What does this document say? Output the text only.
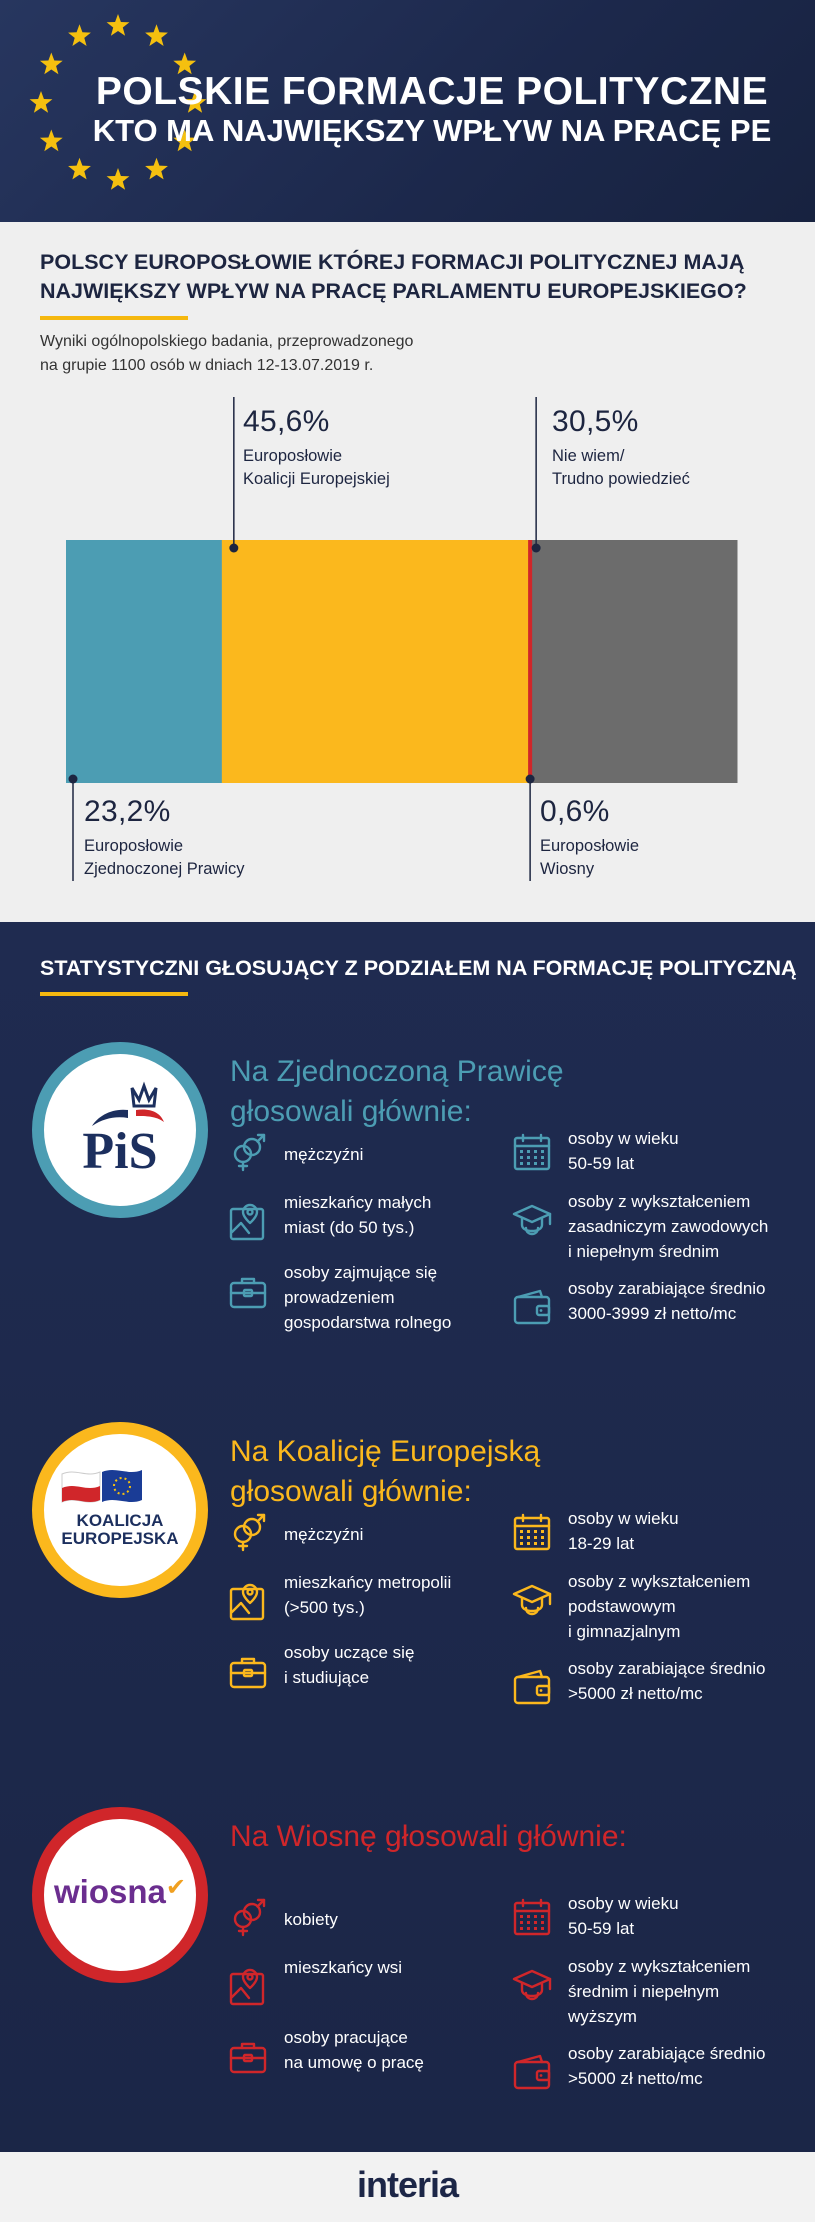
POLSKIE FORMACJE POLITYCZNE
KTO MA NAJWIĘKSZY WPŁYW NA PRACĘ PE
POLSCY EUROPOSŁOWIE KTÓREJ FORMACJI POLITYCZNEJ MAJĄ
NAJWIĘKSZY WPŁYW NA PRACĘ PARLAMENTU EUROPEJSKIEGO?
Wyniki ogólnopolskiego badania, przeprowadzonego
na grupie 1100 osób w dniach 12-13.07.2019 r.
45,6%
Europosłowie
Koalicji Europejskiej
30,5%
Nie wiem/
Trudno powiedzieć
23,2%
Europosłowie
Zjednoczonej Prawicy
0,6%
Europosłowie
Wiosny
STATYSTYCZNI GŁOSUJĄCY Z PODZIAŁEM NA FORMACJĘ POLITYCZNĄ
PiS
Na Zjednoczoną Prawicę
głosowali głównie:
mężczyźni
mieszkańcy małych
miast (do 50 tys.)
osoby zajmujące się
prowadzeniem
gospodarstwa rolnego
osoby w wieku
50-59 lat
osoby z wykształceniem
zasadniczym zawodowych
i niepełnym średnim
osoby zarabiające średnio
3000-3999 zł netto/mc
KOALICJA
EUROPEJSKA
Na Koalicję Europejską
głosowali głównie:
mężczyźni
mieszkańcy metropolii
(>500 tys.)
osoby uczące się
i studiujące
osoby w wieku
18-29 lat
osoby z wykształceniem
podstawowym
i gimnazjalnym
osoby zarabiające średnio
>5000 zł netto/mc
wiosna✔
Na Wiosnę głosowali głównie:
kobiety
mieszkańcy wsi
osoby pracujące
na umowę o pracę
osoby w wieku
50-59 lat
osoby z wykształceniem
średnim i niepełnym
wyższym
osoby zarabiające średnio
>5000 zł netto/mc
interia
